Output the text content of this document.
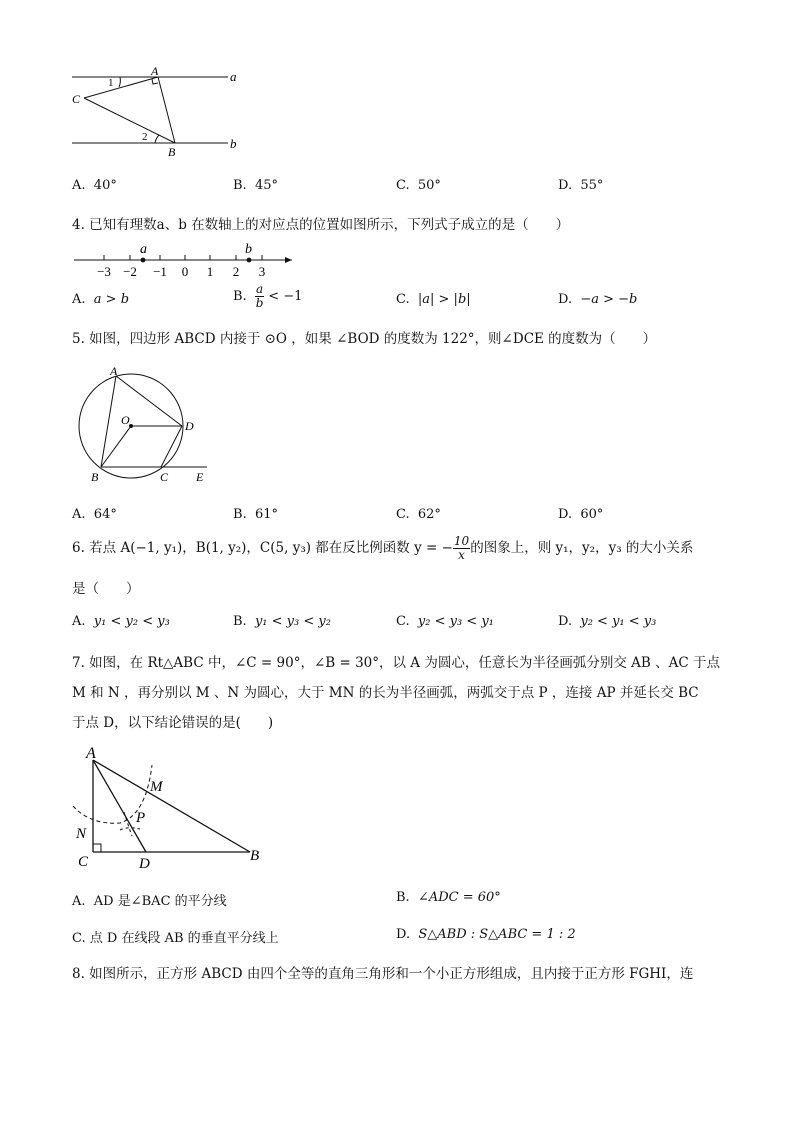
a
b
A
B
C
1
2
A. 40°	B. 45°	C. 50°	D. 55°
4. 已知有理数a、b 在数轴上的对应点的位置如图所示，下列式子成立的是（　　）
−3 −2 −1 0 1 2 3
a	b
A. a > b	B. $\frac{a}{b} < -1$	C. |a| > |b|	D. −a > −b
5. 如图，四边形 ABCD 内接于 ⊙O ，如果 ∠BOD 的度数为 122°，则∠DCE 的度数为（　　）
A
B	C
D
E
O
A. 64°	B. 61°	C. 62°	D. 60°
6. 若点 A(−1, y₁)，B(1, y₂)，C(5, y₃) 都在反比例函数 y = − $\frac{10}{x}$ 的图象上，则 y₁，y₂，y₃ 的大小关系
是（　　）
A. y₁ < y₂ < y₃	B. y₁ < y₃ < y₂	C. y₂ < y₃ < y₁	D. y₂ < y₁ < y₃
7. 如图，在 Rt△ABC 中，∠C = 90°，∠B = 30°，以 A 为圆心，任意长为半径画弧分别交 AB 、AC 于点
M 和 N ，再分别以 M 、N 为圆心，大于 MN 的长为半径画弧，两弧交于点 P ，连接 AP 并延长交 BC
于点 D，以下结论错误的是(　　)
A
B
C	D
M
N
P
A. AD 是∠BAC 的平分线	B. ∠ADC = 60°
C. 点 D 在线段 AB 的垂直平分线上	D. S△ABD : S△ABC = 1 : 2
8. 如图所示，正方形 ABCD 由四个全等的直角三角形和一个小正方形组成，且内接于正方形 FGHI，连
